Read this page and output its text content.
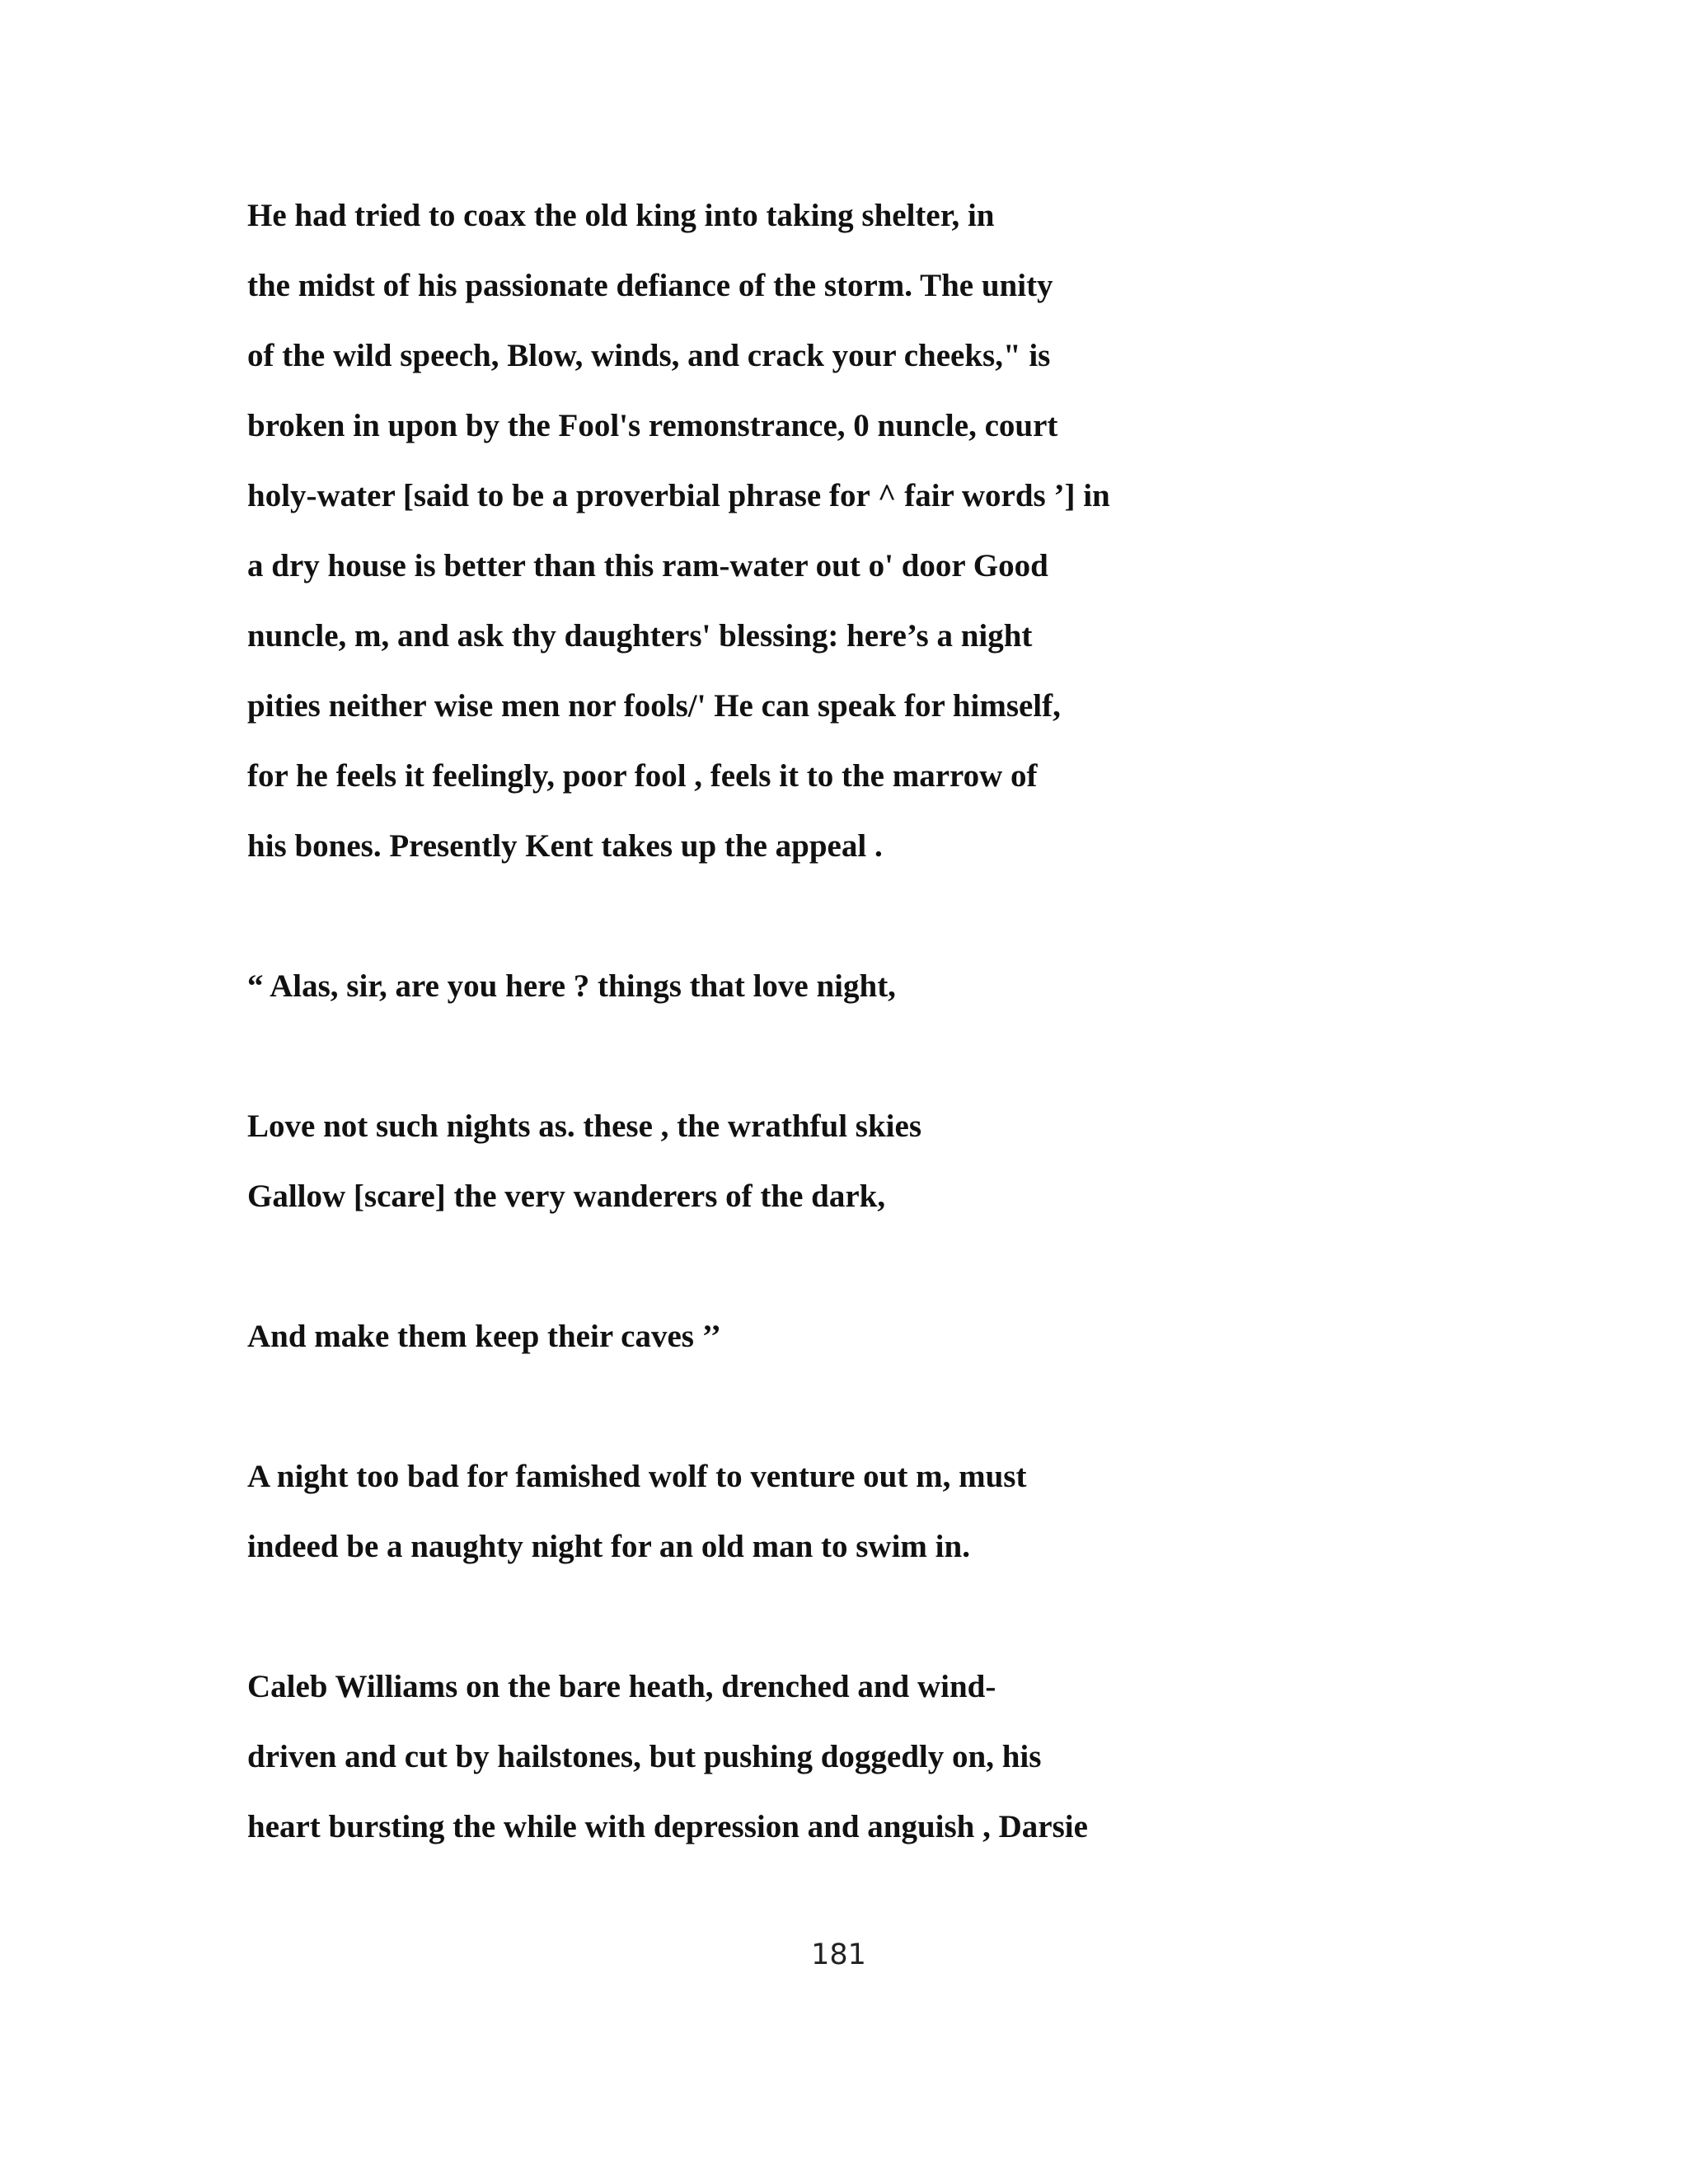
He had tried to coax the old king into taking shelter, in

the midst of his passionate defiance of the storm. The unity

of the wild speech, Blow, winds, and crack your cheeks," is

broken in upon by the Fool's remonstrance, 0 nuncle, court

holy-water [said to be a proverbial phrase for ^ fair words ’] in

a dry house is better than this ram-water out o' door Good

nuncle, m, and ask thy daughters' blessing: here’s a night

pities neither wise men nor fools/' He can speak for himself,

for he feels it feelingly, poor fool , feels it to the marrow of

his bones. Presently Kent takes up the appeal .

“ Alas, sir, are you here ? things that love night,

Love not such nights as. these , the wrathful skies

Gallow [scare] the very wanderers of the dark,

And make them keep their caves ’’

A night too bad for famished wolf to venture out m, must

indeed be a naughty night for an old man to swim in.

Caleb Williams on the bare heath, drenched and wind-

driven and cut by hailstones, but pushing doggedly on, his

heart bursting the while with depression and anguish , Darsie

181
